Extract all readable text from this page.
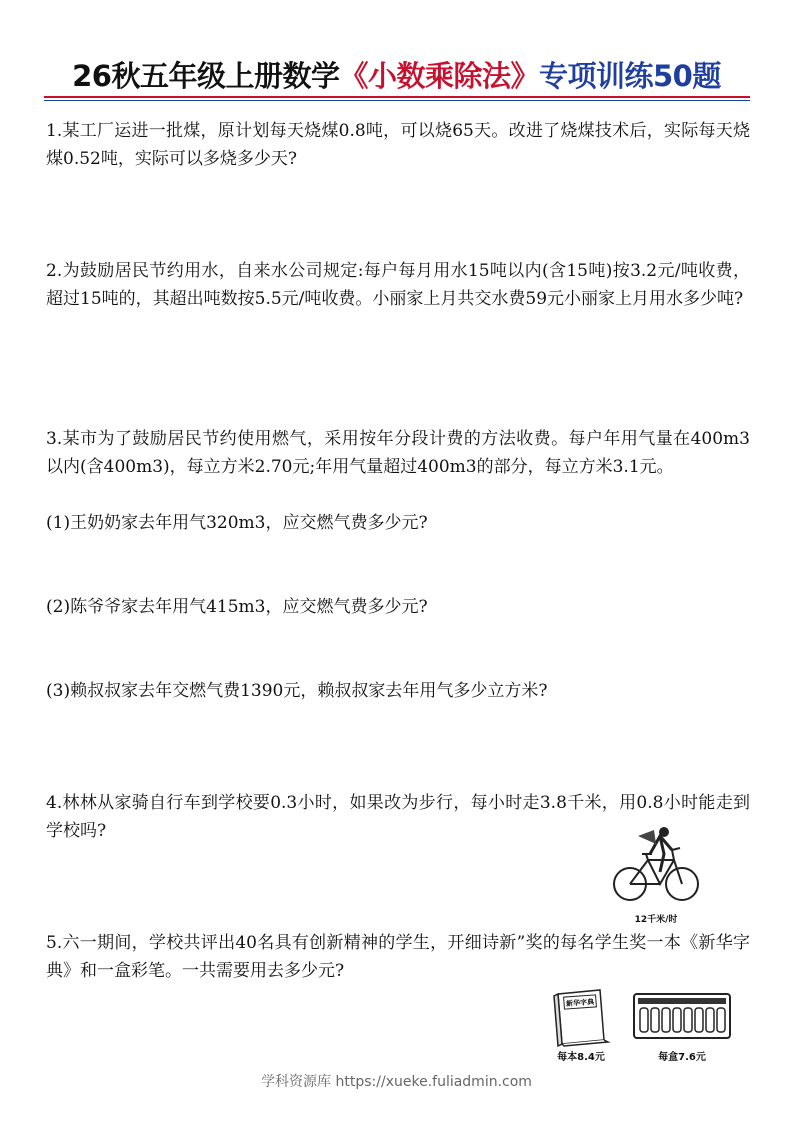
26秋五年级上册数学《小数乘除法》专项训练50题

1.某工厂运进一批煤，原计划每天烧煤0.8吨，可以烧65天。改进了烧煤技术后，实际每天烧煤0.52吨，实际可以多烧多少天?

2.为鼓励居民节约用水，自来水公司规定:每户每月用水15吨以内(含15吨)按3.2元/吨收费，超过15吨的，其超出吨数按5.5元/吨收费。小丽家上月共交水费59元小丽家上月用水多少吨?

3.某市为了鼓励居民节约使用燃气，采用按年分段计费的方法收费。每户年用气量在400m3以内(含400m3)，每立方米2.70元;年用气量超过400m3的部分，每立方米3.1元。

(1)王奶奶家去年用气320m3，应交燃气费多少元?

(2)陈爷爷家去年用气415m3，应交燃气费多少元?

(3)赖叔叔家去年交燃气费1390元，赖叔叔家去年用气多少立方米?

4.林林从家骑自行车到学校要0.3小时，如果改为步行，每小时走3.8千米，用0.8小时能走到学校吗?

12千米/时

5.六一期间，学校共评出40名具有创新精神的学生，开细诗新”奖的每名学生奖一本《新华字典》和一盒彩笔。一共需要用去多少元?

新华字典
每本8.4元	每盒7.6元
学科资源库 https://xueke.fuliadmin.com
